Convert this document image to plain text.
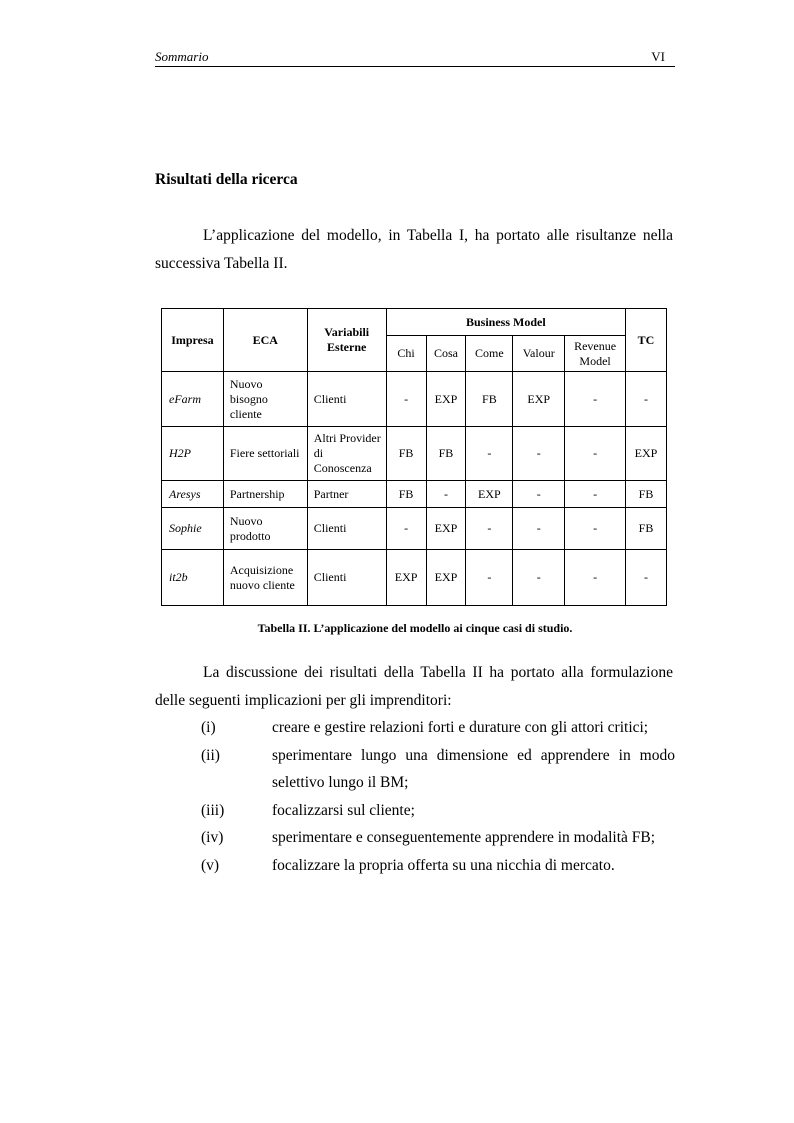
Sommario	VI
Risultati della ricerca

L’applicazione del modello, in Tabella I, ha portato alle risultanze nella successiva Tabella II.

Impresa	ECA	Variabili Esterne	Business Model					TC
			Chi	Cosa	Come	Valour	Revenue Model	
eFarm	Nuovo bisogno cliente	Clienti	-	EXP	FB	EXP	-	-
H2P	Fiere settoriali	Altri Provider di Conoscenza	FB	FB	-	-	-	EXP
Aresys	Partnership	Partner	FB	-	EXP	-	-	FB
Sophie	Nuovo prodotto	Clienti	-	EXP	-	-	-	FB
it2b	Acquisizione nuovo cliente	Clienti	EXP	EXP	-	-	-	-
Tabella II. L’applicazione del modello ai cinque casi di studio.

La discussione dei risultati della Tabella II ha portato alla formulazione delle seguenti implicazioni per gli imprenditori:

(i)	creare e gestire relazioni forti e durature con gli attori critici;
(ii)	sperimentare lungo una dimensione ed apprendere in modo selettivo lungo il BM;
(iii)	focalizzarsi sul cliente;
(iv)	sperimentare e conseguentemente apprendere in modalità FB;
(v)	focalizzare la propria offerta su una nicchia di mercato.
